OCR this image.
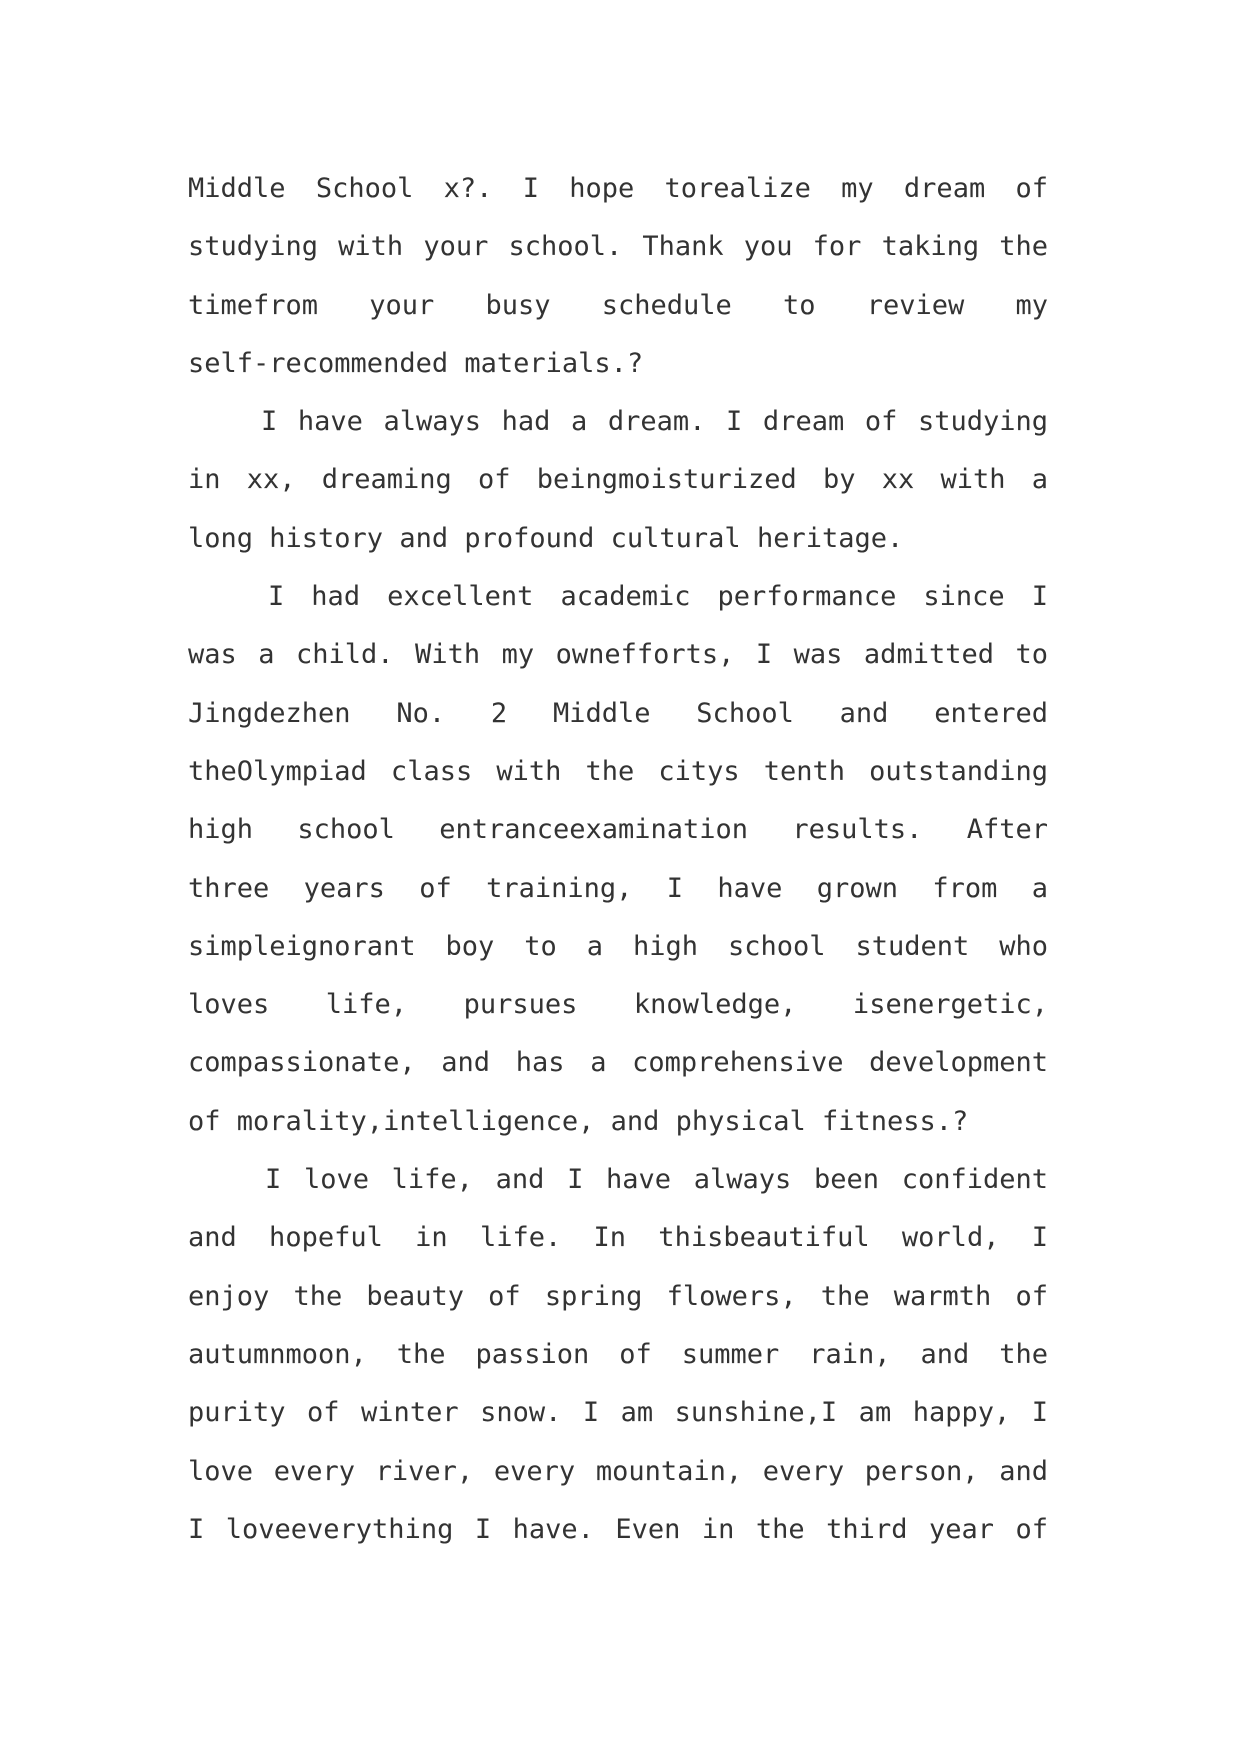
Middle School x?. I hope torealize my dream of
studying with your school. Thank you for taking the
timefrom your busy schedule to review my
self-recommended materials.?
I have always had a dream. I dream of studying
in xx, dreaming of beingmoisturized by xx with a
long history and profound cultural heritage.
I had excellent academic performance since I
was a child. With my ownefforts, I was admitted to
Jingdezhen No. 2 Middle School and entered
theOlympiad class with the citys tenth outstanding
high school entranceexamination results. After
three years of training, I have grown from a
simpleignorant boy to a high school student who
loves life, pursues knowledge, isenergetic,
compassionate, and has a comprehensive development
of morality,intelligence, and physical fitness.?
I love life, and I have always been confident
and hopeful in life. In thisbeautiful world, I
enjoy the beauty of spring flowers, the warmth of
autumnmoon, the passion of summer rain, and the
purity of winter snow. I am sunshine,I am happy, I
love every river, every mountain, every person, and
I loveeverything I have. Even in the third year of
